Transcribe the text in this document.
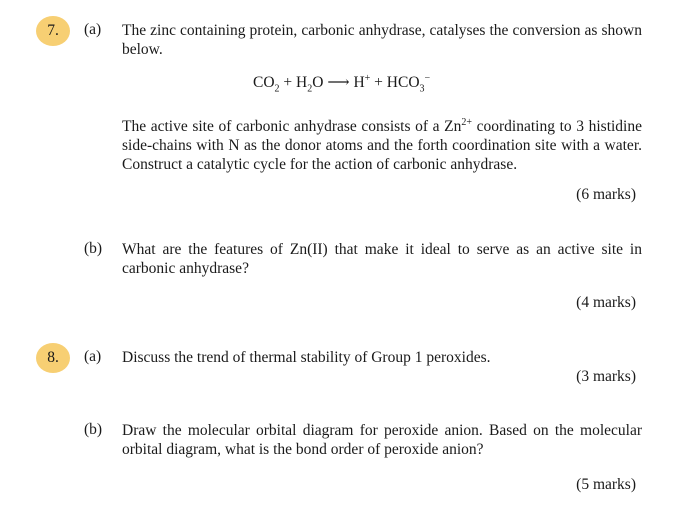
7.	(a) The zinc containing protein, carbonic anhydrase, catalyses the conversion as shown below.
$CO_2 + H_2O$ ⟶ $H^+ + HCO_3^-$
The active site of carbonic anhydrase consists of a $Zn^{2+}$ coordinating to 3 histidine side-chains with N as the donor atoms and the forth coordination site with a water. Construct a catalytic cycle for the action of carbonic anhydrase.
(6 marks)
(b) What are the features of Zn(II) that make it ideal to serve as an active site in carbonic anhydrase?
(4 marks)
8.	(a) Discuss the trend of thermal stability of Group 1 peroxides.
(3 marks)
(b) Draw the molecular orbital diagram for peroxide anion. Based on the molecular orbital diagram, what is the bond order of peroxide anion?
(5 marks)
